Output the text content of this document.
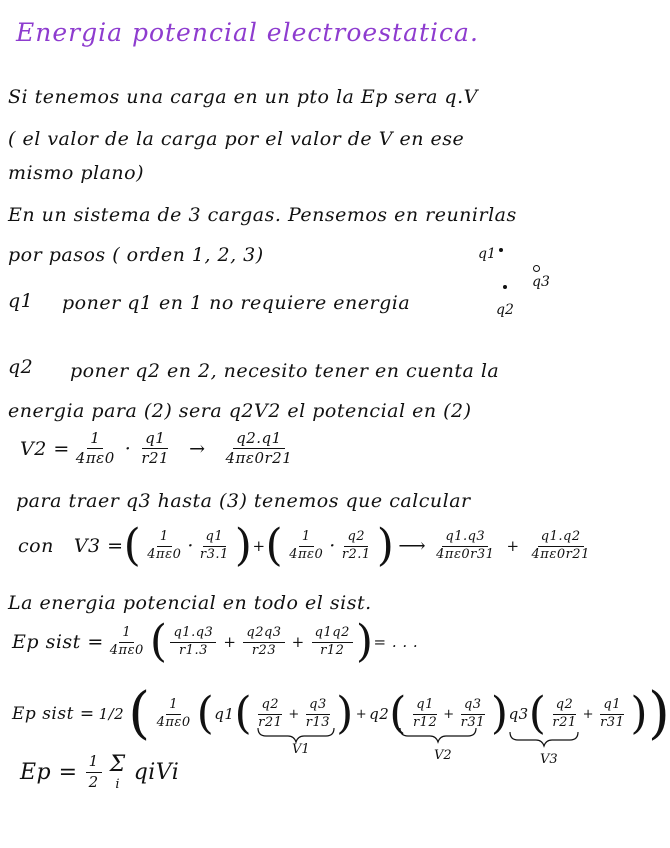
Energia potencial electroestatica.
Si tenemos una carga en un pto la Ep sera q.V
( el valor de la carga por el valor de V en ese
mismo plano)
En un sistema de 3 cargas. Pensemos en reunirlas
por pasos ( orden 1, 2, 3)	q1
q3
q2
q1 poner q1 en 1 no requiere energia
q2 poner q2 en 2, necesito tener en cuenta la
energia para (2) sera q2V2 el potencial en (2)
$V2 = \frac{1}{4\pi\varepsilon 0} \cdot \frac{q1}{r21} \to \frac{q2.q1}{4\pi\varepsilon 0r21}$
para traer q3 hasta (3) tenemos que calcular
con V3 = ( $\frac{1}{4\pi\varepsilon 0} \cdot \frac{q1}{r3.1}$ ) + ( $\frac{1}{4\pi\varepsilon 0} \cdot \frac{q2}{r2.1}$ ) ⟶ $\frac{q1.q3}{4\pi\varepsilon 0r31} + \frac{q1.q2}{4\pi\varepsilon 0r21}$
La energia potencial en todo el sist.
Ep sist = $\frac{1}{4\pi\varepsilon 0}$ ( $\frac{q1.q3}{r1.3} + \frac{q2q3}{r23} + \frac{q1q2}{r12}$ ) = . . .
Ep sist = 1/2 ( $\frac{1}{4\pi\varepsilon 0}$ ( q1 ( $\frac{q2}{r21} + \frac{q3}{r13}$ ) + q2 ( $\frac{q1}{r12} + \frac{q3}{r31}$ ) q3 ( $\frac{q2}{r21} + \frac{q1}{r31}$ ) )
V1	V2	V3
$Ep = \frac{1}{2}$ Σ
i qiVi
